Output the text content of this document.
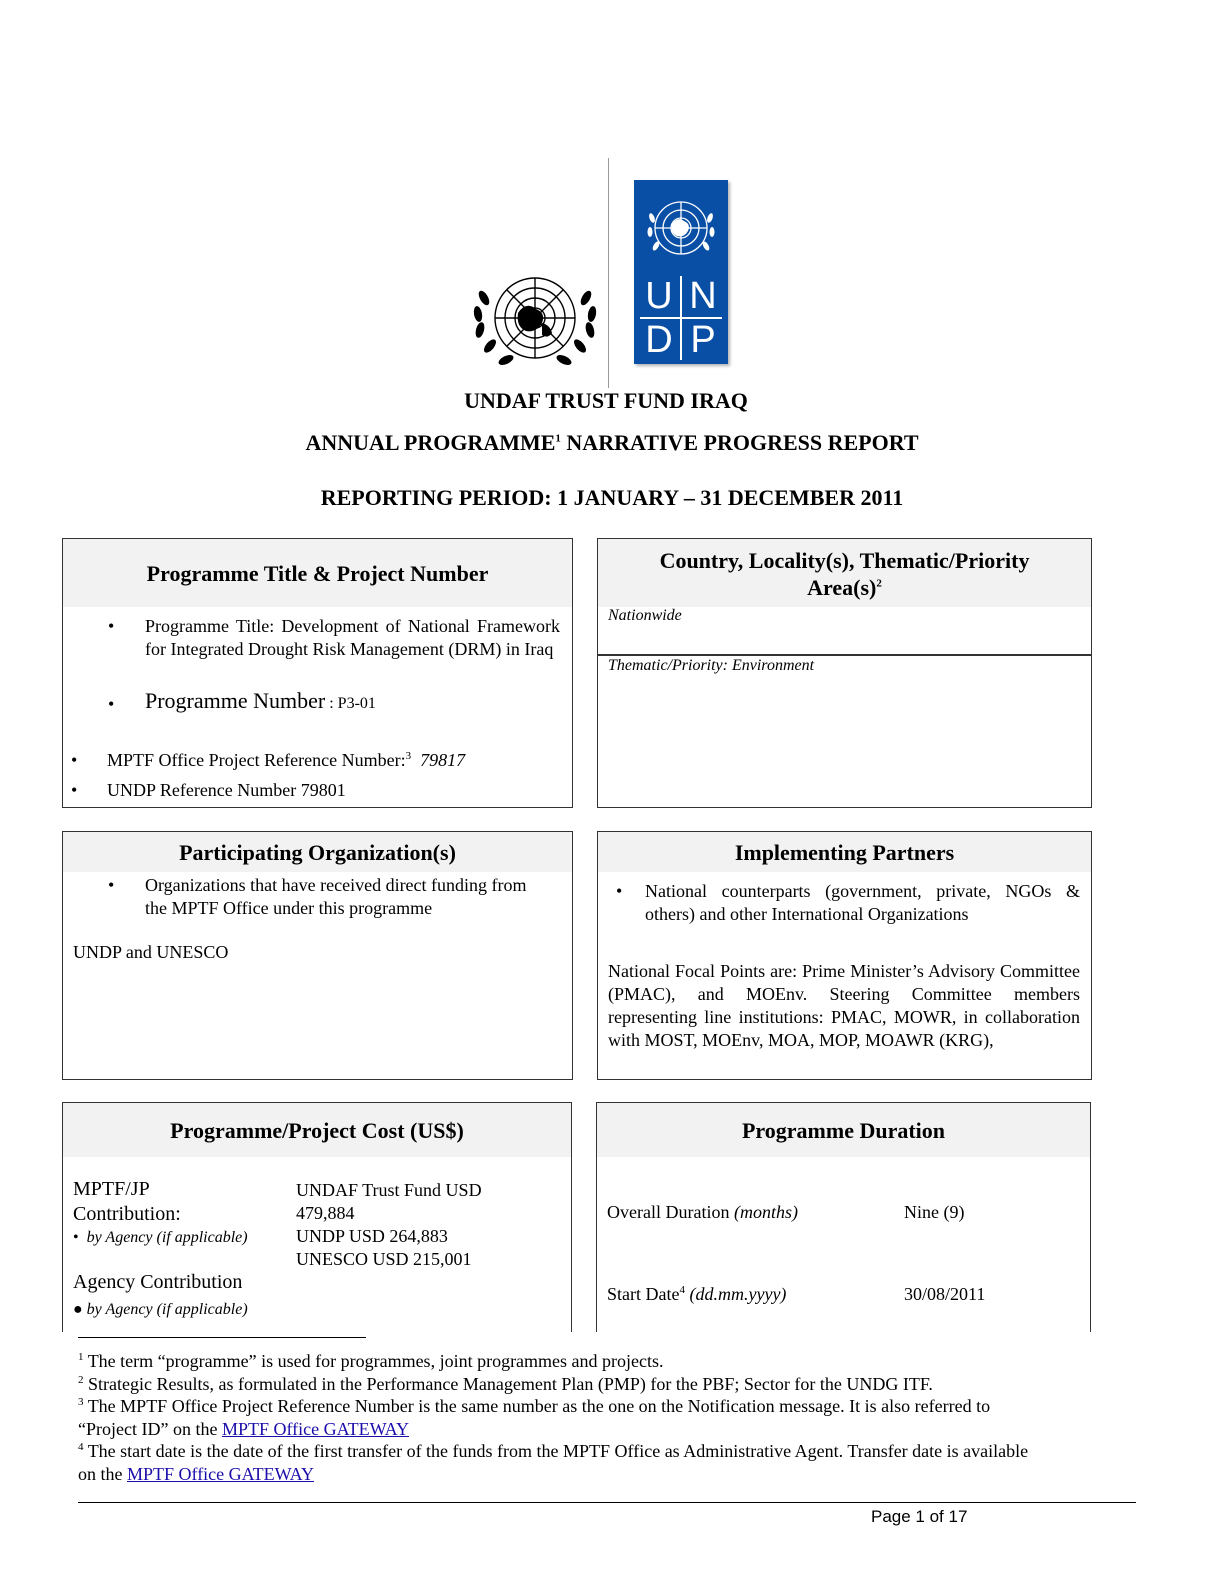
U N
D P
UNDAF TRUST FUND IRAQ
ANNUAL PROGRAMME$^1$ NARRATIVE PROGRESS REPORT
REPORTING PERIOD: 1 JANUARY – 31 DECEMBER 2011
Programme Title & Project Number
• Programme Title: Development of National Framework for Integrated Drought Risk Management (DRM) in Iraq
• Programme Number : P3-01
• MPTF Office Project Reference Number:$^3$ 79817
• UNDP Reference Number 79801
Country, Locality(s), Thematic/Priority
$Area(s)^2$
Nationwide
Thematic/Priority: Environment
Participating Organization(s)
• Organizations that have received direct funding from the MPTF Office under this programme
UNDP and UNESCO
Implementing Partners
• National counterparts (government, private, NGOs & others) and other International Organizations
National Focal Points are: Prime Minister’s Advisory Committee (PMAC), and MOEnv. Steering Committee members representing line institutions: PMAC, MOWR, in collaboration with MOST, MOEnv, MOA, MOP, MOAWR (KRG),
Programme/Project Cost (US$)
MPTF/JP
Contribution:
•  by Agency (if applicable)
UNDAF Trust Fund USD
479,884
UNDP USD 264,883
UNESCO USD 215,001
Agency Contribution
● by Agency (if applicable)
Programme Duration
Overall Duration (months)	Nine (9)
Start Date$^4$ (dd.mm.yyyy)	30/08/2011
$^1$ The term “programme” is used for programmes, joint programmes and projects.
$^2$ Strategic Results, as formulated in the Performance Management Plan (PMP) for the PBF; Sector for the UNDG ITF.
$^3$ The MPTF Office Project Reference Number is the same number as the one on the Notification message. It is also referred to
“Project ID” on the MPTF Office GATEWAY
$^4$ The start date is the date of the first transfer of the funds from the MPTF Office as Administrative Agent. Transfer date is available
on the MPTF Office GATEWAY
Page 1 of 17
